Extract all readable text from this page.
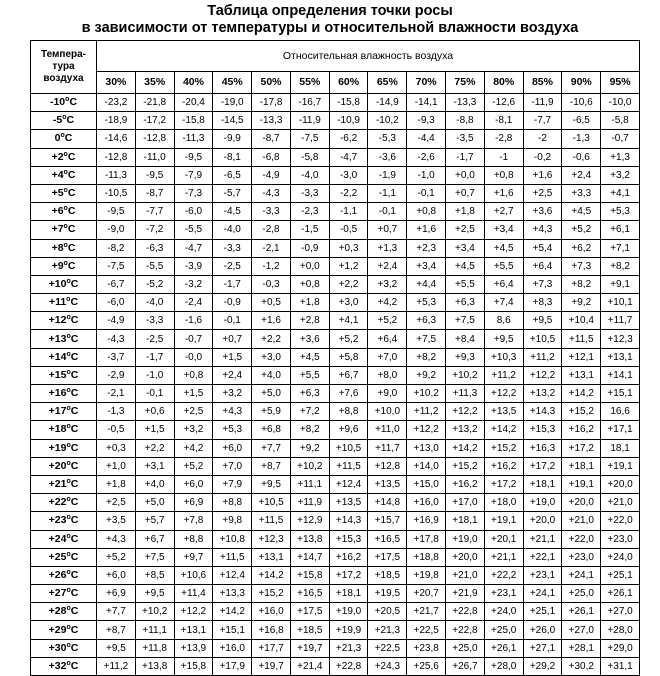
Таблица определения точки росы
в зависимости от температуры и относительной влажности воздуха
Темпера-
тура
воздуха	Относительная влажность воздуха													
	30%	35%	40%	45%	50%	55%	60%	65%	70%	75%	80%	85%	90%	95%
-10$^o$C	-23,2	-21,8	-20,4	-19,0	-17,8	-16,7	-15,8	-14,9	-14,1	-13,3	-12,6	-11,9	-10,6	-10,0
-5$^o$C	-18,9	-17,2	-15,8	-14,5	-13,3	-11,9	-10,9	-10,2	-9,3	-8,8	-8,1	-7,7	-6,5	-5,8
0$^o$C	-14,6	-12,8	-11,3	-9,9	-8,7	-7,5	-6,2	-5,3	-4,4	-3,5	-2,8	-2	-1,3	-0,7
$+2^oC$	-12,8	-11,0	-9,5	-8,1	-6,8	-5,8	-4,7	-3,6	-2,6	-1,7	-1	-0,2	-0,6	+1,3
$+4^oC$	-11,3	-9,5	-7,9	-6,5	-4,9	-4,0	-3,0	-1,9	-1,0	+0,0	+0,8	+1,6	+2,4	+3,2
$+5^oC$	-10,5	-8,7	-7,3	-5,7	-4,3	-3,3	-2,2	-1,1	-0,1	+0,7	+1,6	+2,5	+3,3	+4,1
$+6^oC$	-9,5	-7,7	-6,0	-4,5	-3,3	-2,3	-1,1	-0,1	+0,8	+1,8	+2,7	+3,6	+4,5	+5,3
$+7^oC$	-9,0	-7,2	-5,5	-4,0	-2,8	-1,5	-0,5	+0,7	+1,6	+2,5	+3,4	+4,3	+5,2	+6,1
$+8^oC$	-8,2	-6,3	-4,7	-3,3	-2,1	-0,9	+0,3	+1,3	+2,3	+3,4	+4,5	+5,4	+6,2	+7,1
$+9^oC$	-7,5	-5,5	-3,9	-2,5	-1,2	+0,0	+1,2	+2,4	+3,4	+4,5	+5,5	+6,4	+7,3	+8,2
$+10^oC$	-6,7	-5,2	-3,2	-1,7	-0,3	+0,8	+2,2	+3,2	+4,4	+5,5	+6,4	+7,3	+8,2	+9,1
$+11^oC$	-6,0	-4,0	-2,4	-0,9	+0,5	+1,8	+3,0	+4,2	+5,3	+6,3	+7,4	+8,3	+9,2	+10,1
$+12^oC$	-4,9	-3,3	-1,6	-0,1	+1,6	+2,8	+4,1	+5,2	+6,3	+7,5	8,6	+9,5	+10,4	+11,7
$+13^oC$	-4,3	-2,5	-0,7	+0,7	+2,2	+3,6	+5,2	+6,4	+7,5	+8,4	+9,5	+10,5	+11,5	+12,3
$+14^oC$	-3,7	-1,7	-0,0	+1,5	+3,0	+4,5	+5,8	+7,0	+8,2	+9,3	+10,3	+11,2	+12,1	+13,1
$+15^oC$	-2,9	-1,0	+0,8	+2,4	+4,0	+5,5	+6,7	+8,0	+9,2	+10,2	+11,2	+12,2	+13,1	+14,1
$+16^oC$	-2,1	-0,1	+1,5	+3,2	+5,0	+6,3	+7,6	+9,0	+10,2	+11,3	+12,2	+13,2	+14,2	+15,1
$+17^oC$	-1,3	+0,6	+2,5	+4,3	+5,9	+7,2	+8,8	+10,0	+11,2	+12,2	+13,5	+14,3	+15,2	16,6
$+18^oC$	-0,5	+1,5	+3,2	+5,3	+6,8	+8,2	+9,6	+11,0	+12,2	+13,2	+14,2	+15,3	+16,2	+17,1
$+19^oC$	+0,3	+2,2	+4,2	+6,0	+7,7	+9,2	+10,5	+11,7	+13,0	+14,2	+15,2	+16,3	+17,2	18,1
$+20^oC$	+1,0	+3,1	+5,2	+7,0	+8,7	+10,2	+11,5	+12,8	+14,0	+15,2	+16,2	+17,2	+18,1	+19,1
$+21^oC$	+1,8	+4,0	+6,0	+7,9	+9,5	+11,1	+12,4	+13,5	+15,0	+16,2	+17,2	+18,1	+19,1	+20,0
$+22^oC$	+2,5	+5,0	+6,9	+8,8	+10,5	+11,9	+13,5	+14,8	+16,0	+17,0	+18,0	+19,0	+20,0	+21,0
$+23^oC$	+3,5	+5,7	+7,8	+9,8	+11,5	+12,9	+14,3	+15,7	+16,9	+18,1	+19,1	+20,0	+21,0	+22,0
$+24^oC$	+4,3	+6,7	+8,8	+10,8	+12,3	+13,8	+15,3	+16,5	+17,8	+19,0	+20,1	+21,1	+22,0	+23,0
$+25^oC$	+5,2	+7,5	+9,7	+11,5	+13,1	+14,7	+16,2	+17,5	+18,8	+20,0	+21,1	+22,1	+23,0	+24,0
$+26^oC$	+6,0	+8,5	+10,6	+12,4	+14,2	+15,8	+17,2	+18,5	+19,8	+21,0	+22,2	+23,1	+24,1	+25,1
$+27^oC$	+6,9	+9,5	+11,4	+13,3	+15,2	+16,5	+18,1	+19,5	+20,7	+21,9	+23,1	+24,1	+25,0	+26,1
$+28^oC$	+7,7	+10,2	+12,2	+14,2	+16,0	+17,5	+19,0	+20,5	+21,7	+22,8	+24,0	+25,1	+26,1	+27,0
$+29^oC$	+8,7	+11,1	+13,1	+15,1	+16,8	+18,5	+19,9	+21,3	+22,5	+22,8	+25,0	+26,0	+27,0	+28,0
$+30^oC$	+9,5	+11,8	+13,9	+16,0	+17,7	+19,7	+21,3	+22,5	+23,8	+25,0	+26,1	+27,1	+28,1	+29,0
$+32^oC$	+11,2	+13,8	+15,8	+17,9	+19,7	+21,4	+22,8	+24,3	+25,6	+26,7	+28,0	+29,2	+30,2	+31,1
